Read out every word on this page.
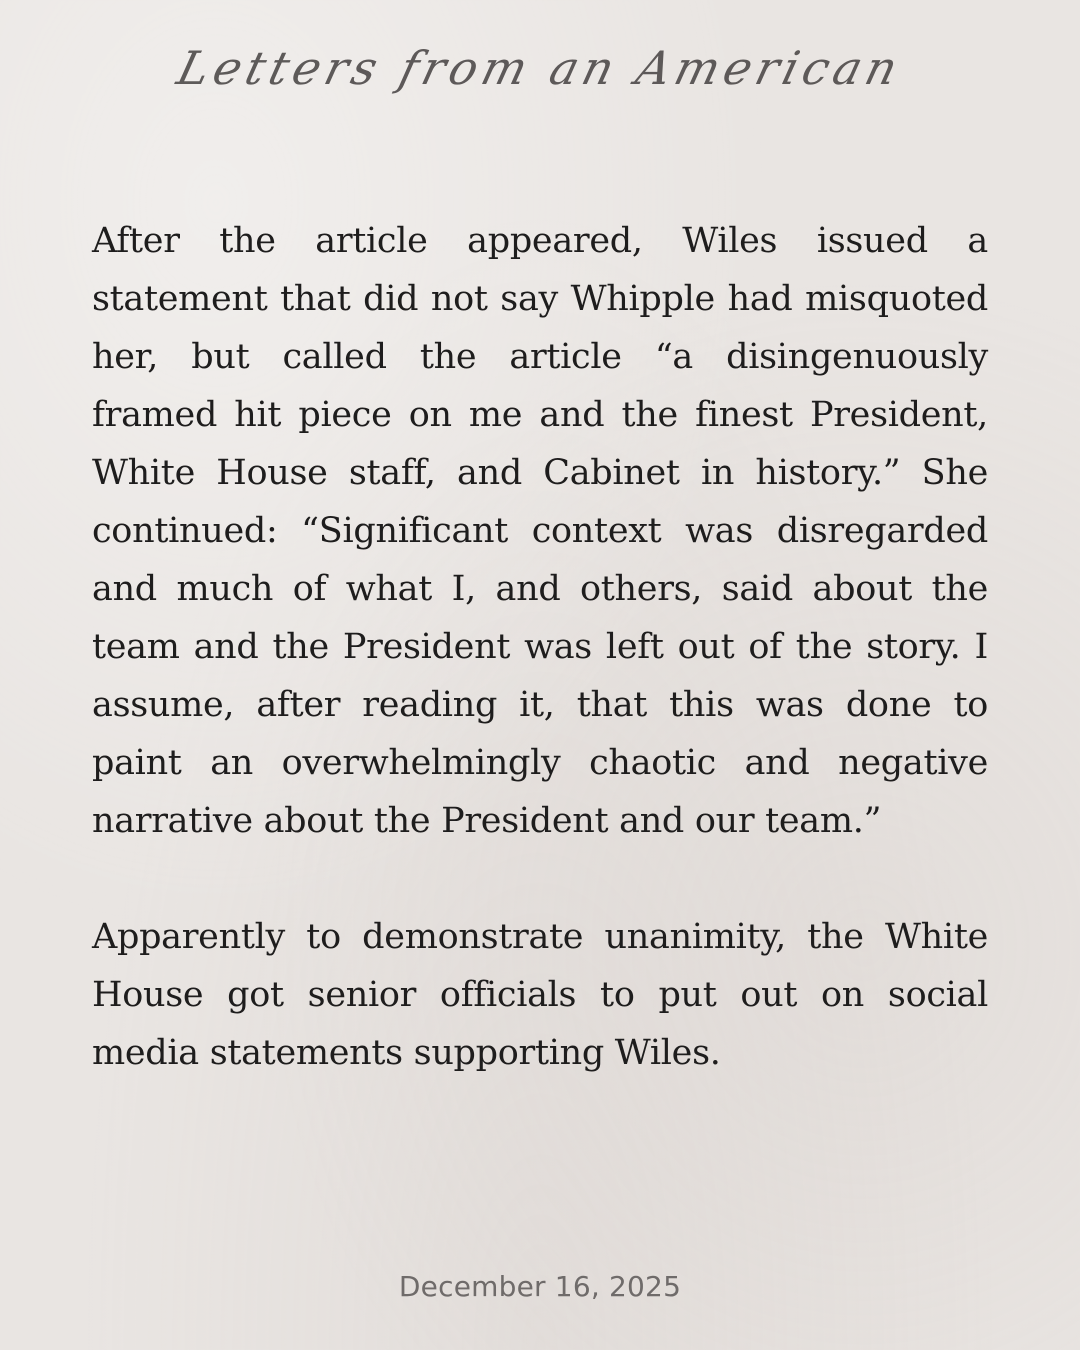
Letters from an American

After the article appeared, Wiles issued a statement that did not say Whipple had misquoted her, but called the article “a disingenuously framed hit piece on me and the finest President, White House staff, and Cabinet in history.” She continued: “Significant context was disregarded and much of what I, and others, said about the team and the President was left out of the story. I assume, after reading it, that this was done to paint an overwhelmingly chaotic and negative narrative about the President and our team.”

Apparently to demonstrate unanimity, the White House got senior officials to put out on social media statements supporting Wiles.

December 16, 2025
